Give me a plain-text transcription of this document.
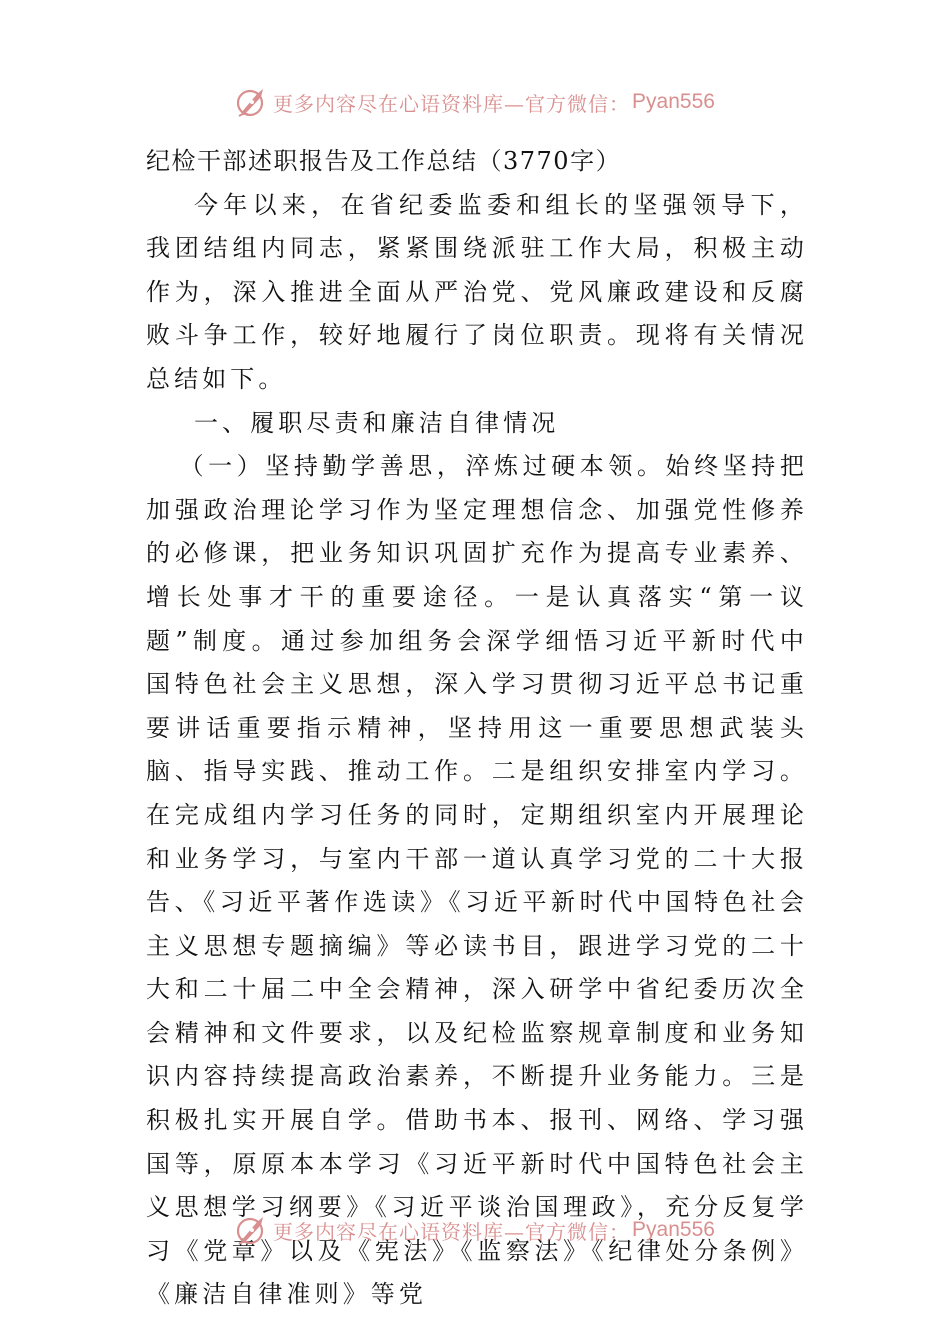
更多内容尽在心语资料库—官方微信： Pyan556

纪检干部述职报告及工作总结（3770字）

今年以来，在省纪委监委和组长的坚强领导下，我团结组内同志，紧紧围绕派驻工作大局，积极主动作为，深入推进全面从严治党、党风廉政建设和反腐败斗争工作，较好地履行了岗位职责。现将有关情况总结如下。

一、履职尽责和廉洁自律情况

（一）坚持勤学善思，淬炼过硬本领。始终坚持把加强政治理论学习作为坚定理想信念、加强党性修养的必修课，把业务知识巩固扩充作为提高专业素养、增长处事才干的重要途径。一是认真落实“第一议题”制度。通过参加组务会深学细悟习近平新时代中国特色社会主义思想，深入学习贯彻习近平总书记重要讲话重要指示精神，坚持用这一重要思想武装头脑、指导实践、推动工作。二是组织安排室内学习。在完成组内学习任务的同时，定期组织室内开展理论和业务学习，与室内干部一道认真学习党的二十大报告、《习近平著作选读》《习近平新时代中国特色社会主义思想专题摘编》等必读书目，跟进学习党的二十大和二十届二中全会精神，深入研学中省纪委历次全会精神和文件要求，以及纪检监察规章制度和业务知识内容持续提高政治素养，不断提升业务能力。三是积极扎实开展自学。借助书本、报刊、网络、学习强国等，原原本本学习《习近平新时代中国特色社会主义思想学习纲要》《习近平谈治国理政》，充分反复学习《党章》以及《宪法》《监察法》《纪律处分条例》《廉洁自律准则》等党

更多内容尽在心语资料库—官方微信： Pyan556
